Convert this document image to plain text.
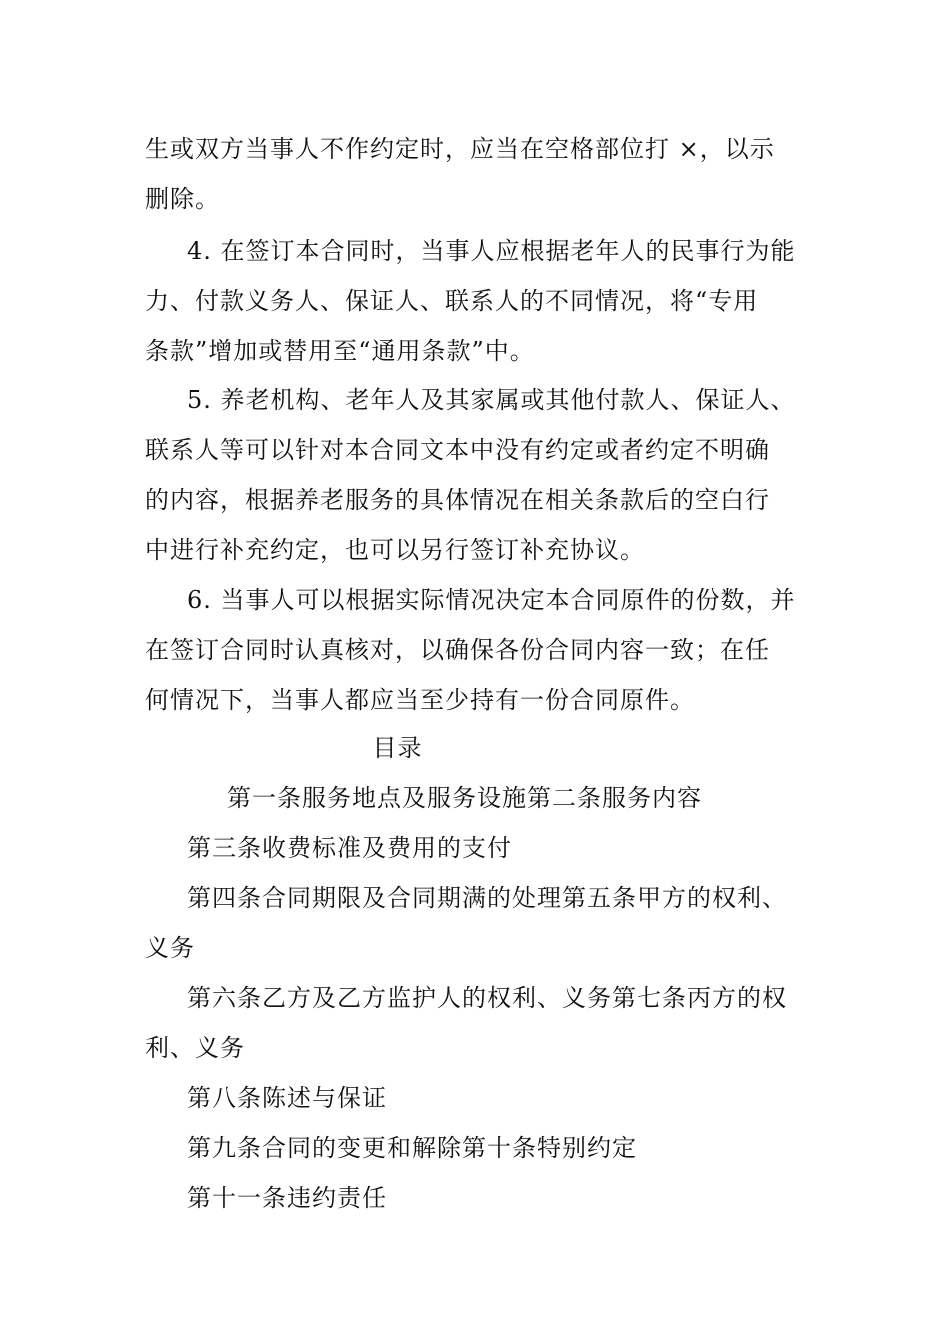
生或双方当事人不作约定时，应当在空格部位打 ×，以示
删除。
4. 在签订本合同时，当事人应根据老年人的民事行为能
力、付款义务人、保证人、联系人的不同情况，将“专用
条款”增加或替用至“通用条款”中。
5. 养老机构、老年人及其家属或其他付款人、保证人、
联系人等可以针对本合同文本中没有约定或者约定不明确
的内容，根据养老服务的具体情况在相关条款后的空白行
中进行补充约定，也可以另行签订补充协议。
6. 当事人可以根据实际情况决定本合同原件的份数，并
在签订合同时认真核对，以确保各份合同内容一致；在任
何情况下，当事人都应当至少持有一份合同原件。
目录
第一条服务地点及服务设施第二条服务内容
第三条收费标准及费用的支付
第四条合同期限及合同期满的处理第五条甲方的权利、
义务
第六条乙方及乙方监护人的权利、义务第七条丙方的权
利、义务
第八条陈述与保证
第九条合同的变更和解除第十条特别约定
第十一条违约责任
